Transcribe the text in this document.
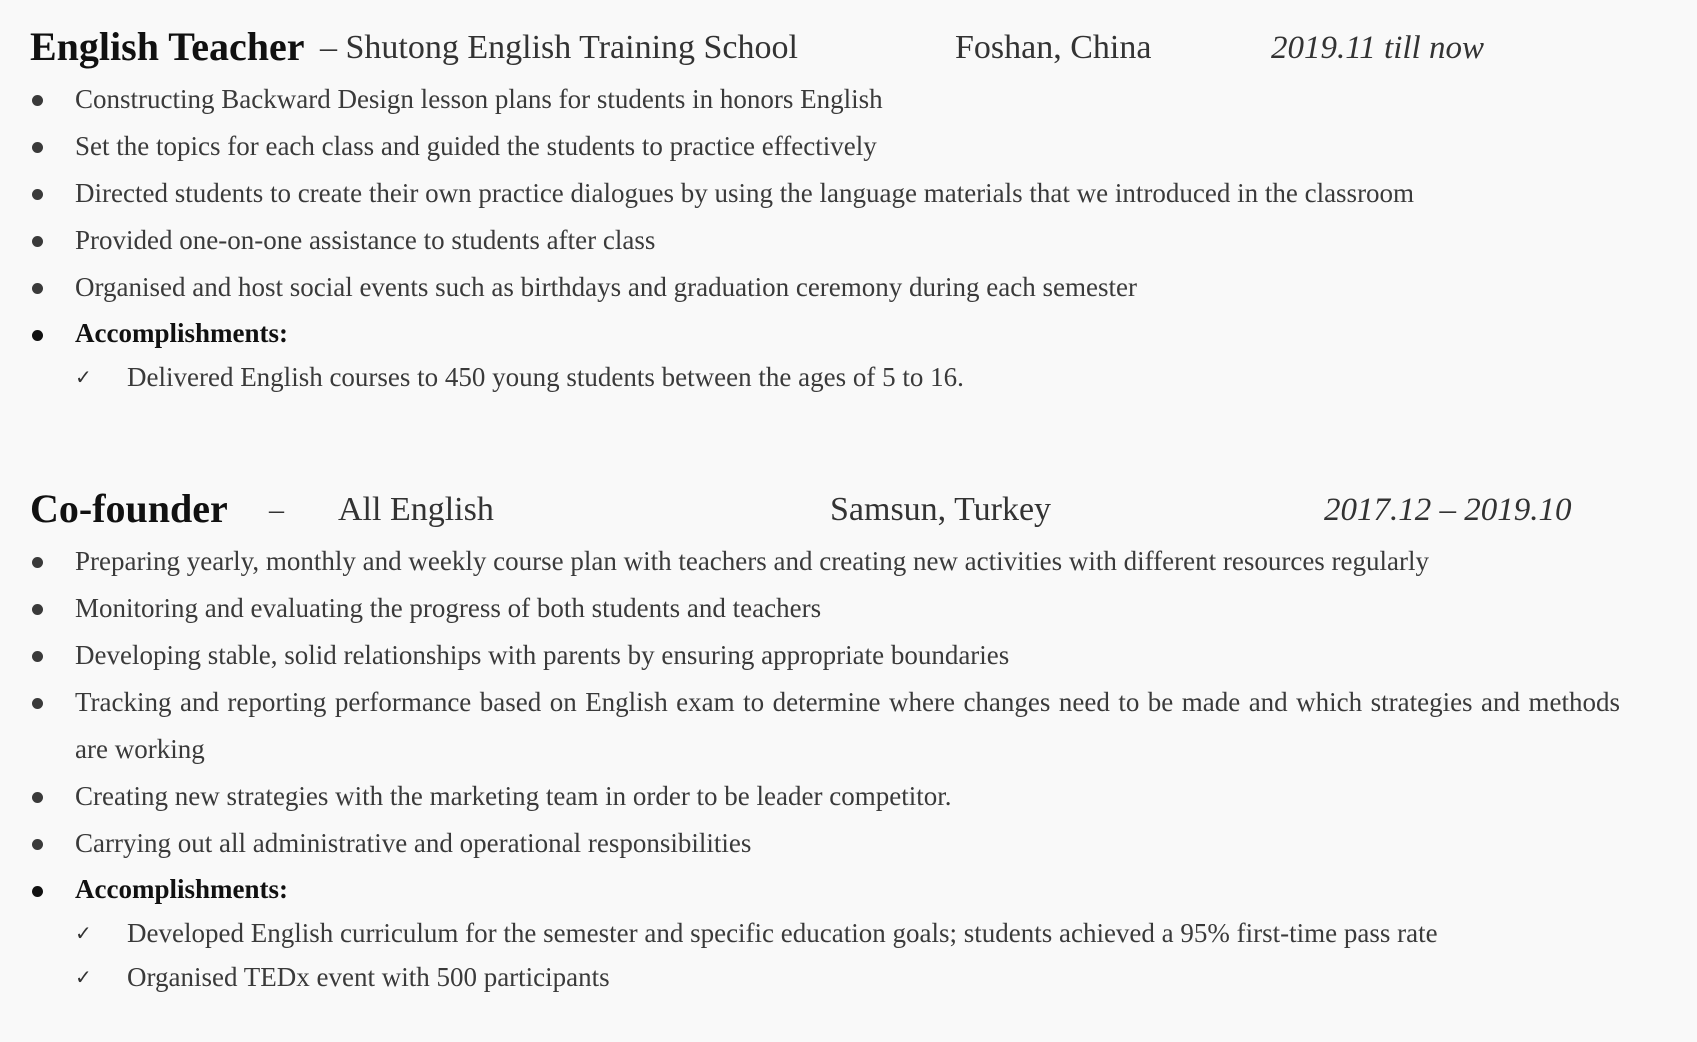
English Teacher – Shutong English Training School	Foshan, China	2019.11 till now
Constructing Backward Design lesson plans for students in honors English
Set the topics for each class and guided the students to practice effectively
Directed students to create their own practice dialogues by using the language materials that we introduced in the classroom
Provided one-on-one assistance to students after class
Organised and host social events such as birthdays and graduation ceremony during each semester
Accomplishments:
✓ Delivered English courses to 450 young students between the ages of 5 to 16.
Co-founder – All English	Samsun, Turkey	2017.12 – 2019.10
Preparing yearly, monthly and weekly course plan with teachers and creating new activities with different resources regularly
Monitoring and evaluating the progress of both students and teachers
Developing stable, solid relationships with parents by ensuring appropriate boundaries
Tracking and reporting performance based on English exam to determine where changes need to be made and which strategies and methods are working
Creating new strategies with the marketing team in order to be leader competitor.
Carrying out all administrative and operational responsibilities
Accomplishments:
✓ Developed English curriculum for the semester and specific education goals; students achieved a 95% first-time pass rate
✓ Organised TEDx event with 500 participants
